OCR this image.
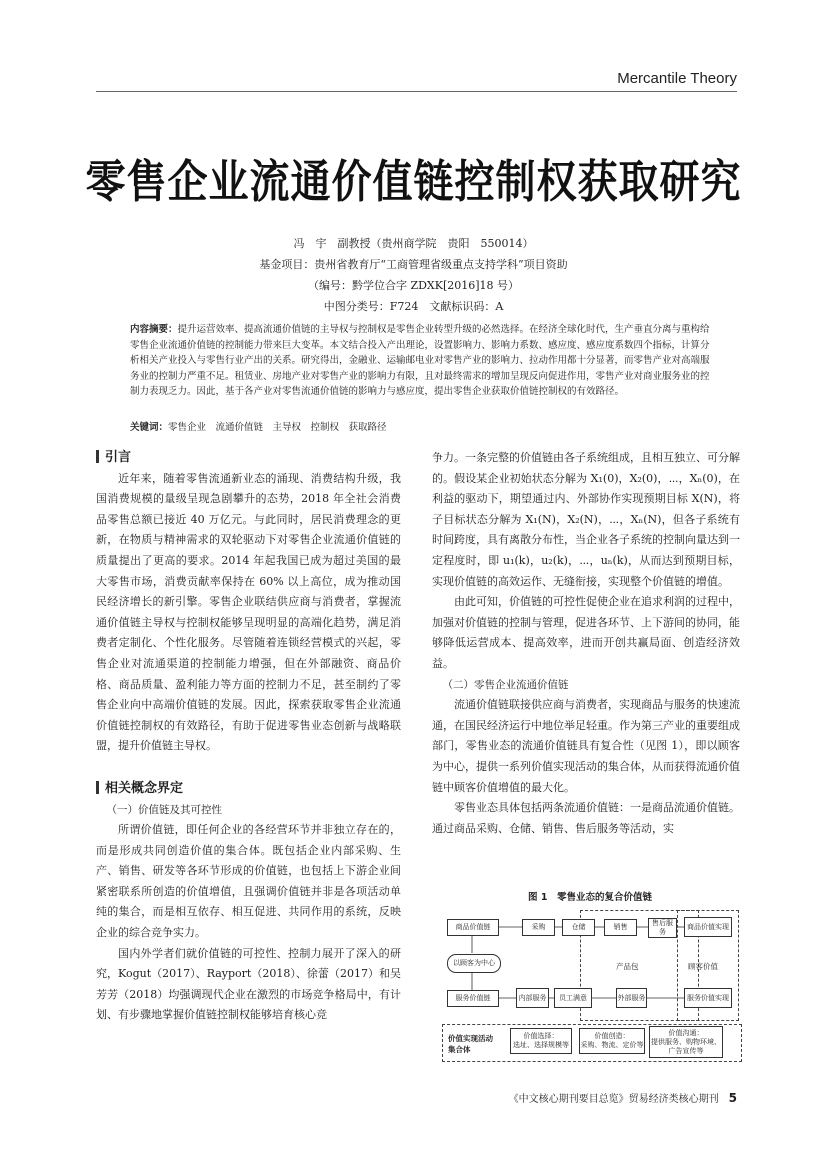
Mercantile Theory
零售企业流通价值链控制权获取研究
冯　宇　副教授（贵州商学院　贵阳　550014）
基金项目：贵州省教育厅“工商管理省级重点支持学科”项目资助
（编号：黔学位合字 ZDXK[2016]18 号）
中图分类号：F724　文献标识码：A
内容摘要：提升运营效率、提高流通价值链的主导权与控制权是零售企业转型升级的必然选择。在经济全球化时代，生产垂直分离与重构给零售企业流通价值链的控制能力带来巨大变革。本文结合投入产出理论，设置影响力、影响力系数、感应度、感应度系数四个指标，计算分析相关产业投入与零售行业产出的关系。研究得出，金融业、运输邮电业对零售产业的影响力、拉动作用都十分显著，而零售产业对高端服务业的控制力严重不足。租赁业、房地产业对零售产业的影响力有限，且对最终需求的增加呈现反向促进作用，零售产业对商业服务业的控制力表现乏力。因此，基于各产业对零售流通价值链的影响力与感应度，提出零售企业获取价值链控制权的有效路径。
关键词：零售企业　流通价值链　主导权　控制权　获取路径

引言

近年来，随着零售流通新业态的涌现、消费结构升级，我国消费规模的量级呈现急剧攀升的态势，2018 年全社会消费品零售总额已接近 40 万亿元。与此同时，居民消费理念的更新，在物质与精神需求的双轮驱动下对零售企业流通价值链的质量提出了更高的要求。2014 年起我国已成为超过美国的最大零售市场，消费贡献率保持在 60% 以上高位，成为推动国民经济增长的新引擎。零售企业联结供应商与消费者，掌握流通价值链主导权与控制权能够呈现明显的高端化趋势，满足消费者定制化、个性化服务。尽管随着连锁经营模式的兴起，零售企业对流通渠道的控制能力增强，但在外部融资、商品价格、商品质量、盈利能力等方面的控制力不足，甚至制约了零售企业向中高端价值链的发展。因此，探索获取零售企业流通价值链控制权的有效路径，有助于促进零售业态创新与战略联盟，提升价值链主导权。

相关概念界定

（一）价值链及其可控性

所谓价值链，即任何企业的各经营环节并非独立存在的，而是形成共同创造价值的集合体。既包括企业内部采购、生产、销售、研发等各环节形成的价值链，也包括上下游企业间紧密联系所创造的价值增值，且强调价值链并非是各项活动单纯的集合，而是相互依存、相互促进、共同作用的系统，反映企业的综合竞争实力。

国内外学者们就价值链的可控性、控制力展开了深入的研究，Kogut（2017）、Rayport（2018）、徐蕾（2017）和吴芳芳（2018）均强调现代企业在激烈的市场竞争格局中，有计划、有步骤地掌握价值链控制权能够培育核心竞

争力。一条完整的价值链由各子系统组成，且相互独立、可分解的。假设某企业初始状态分解为 X₁(0)，X₂(0)，⋯，Xₙ(0)，在利益的驱动下，期望通过内、外部协作实现预期目标 X(N)，将子目标状态分解为 X₁(N)，X₂(N)，⋯，Xₙ(N)，但各子系统有时间跨度，具有离散分布性，当企业各子系统的控制向量达到一定程度时，即 u₁(k)，u₂(k)，⋯，uₙ(k)，从而达到预期目标，实现价值链的高效运作、无缝衔接，实现整个价值链的增值。

由此可知，价值链的可控性促使企业在追求利润的过程中，加强对价值链的控制与管理，促进各环节、上下游间的协同，能够降低运营成本、提高效率，进而开创共赢局面、创造经济效益。

（二）零售企业流通价值链

流通价值链联接供应商与消费者，实现商品与服务的快速流通，在国民经济运行中地位举足轻重。作为第三产业的重要组成部门，零售业态的流通价值链具有复合性（见图 1），即以顾客为中心，提供一系列价值实现活动的集合体，从而获得流通价值链中顾客价值增值的最大化。

零售业态具体包括两条流通价值链：一是商品流通价值链。通过商品采购、仓储、销售、售后服务等活动，实

图 1　零售业态的复合价值链
商品价值链	采购	仓储	销售	售后服务
商品价值实现
以顾客为中心	产品包	顾客价值
服务价值链	内部服务	员工满意	外部服务	服务价值实现
价值实现活动集合体
价值选择：
选址、选择规模等
价值创造：
采购、物流、定价等
价值沟通：
提供服务、购物环境、广告宣传等
《中文核心期刊要目总览》贸易经济类核心期刊 5
